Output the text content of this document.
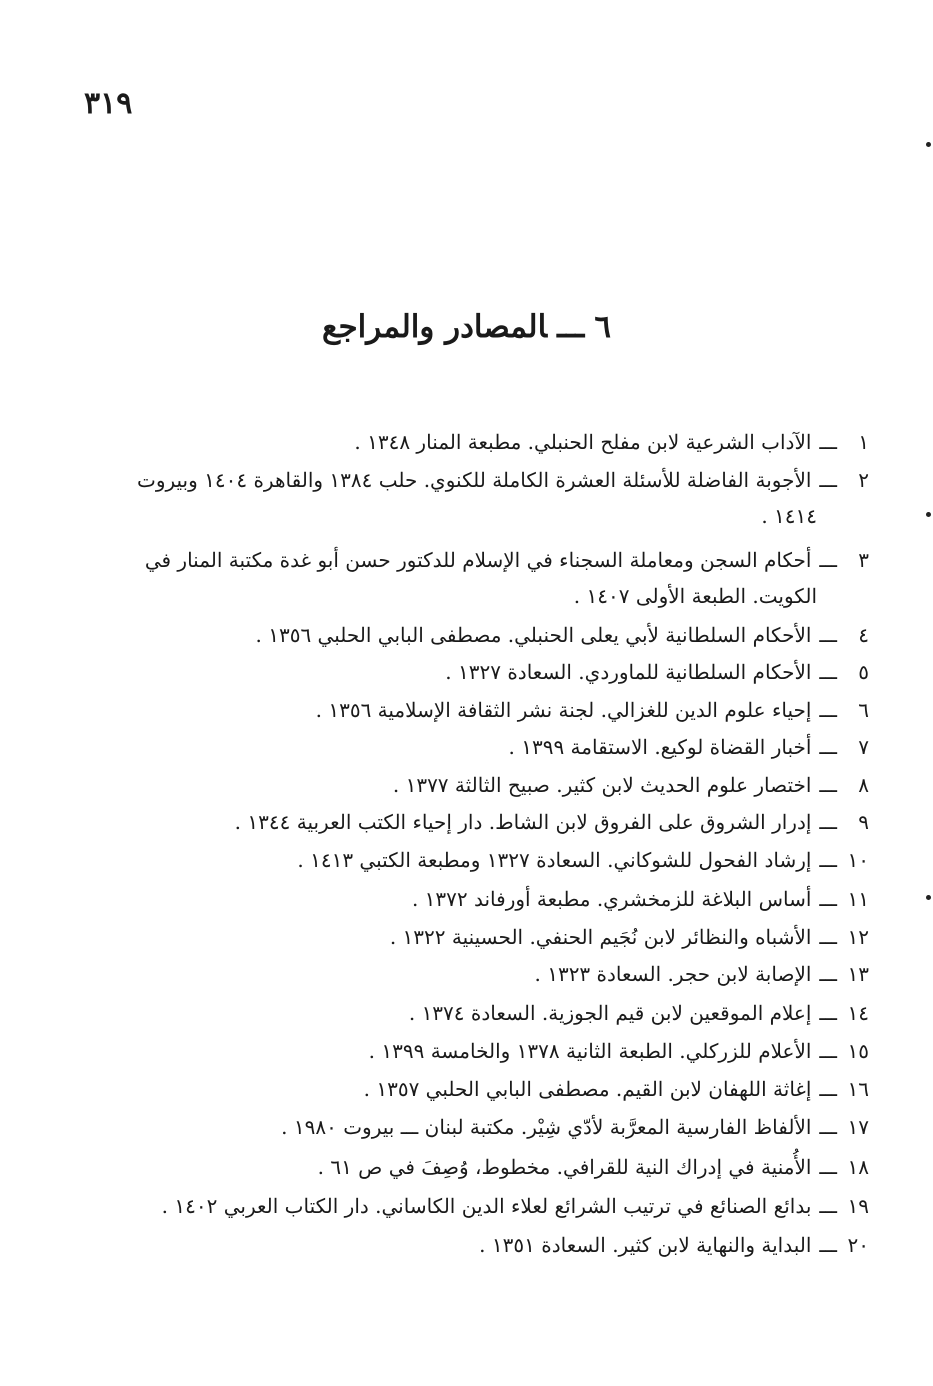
٣١٩
٦ـــالمصادر والمراجع
١ـــالآداب الشرعية لابن مفلح الحنبلي. مطبعة المنار ١٣٤٨ .
٢ـــالأجوبة الفاضلة للأسئلة العشرة الكاملة للكنوي. حلب ١٣٨٤ والقاهرة ١٤٠٤ وبيروت
١٤١٤ .
٣ـــأحكام السجن ومعاملة السجناء في الإسلام للدكتور حسن أبو غدة مكتبة المنار في
الكويت. الطبعة الأولى ١٤٠٧ .
٤ـــالأحكام السلطانية لأبي يعلى الحنبلي. مصطفى البابي الحلبي ١٣٥٦ .
٥ـــالأحكام السلطانية للماوردي. السعادة ١٣٢٧ .
٦ـــإحياء علوم الدين للغزالي. لجنة نشر الثقافة الإسلامية ١٣٥٦ .
٧ـــأخبار القضاة لوكيع. الاستقامة ١٣٩٩ .
٨ـــاختصار علوم الحديث لابن كثير. صبيح الثالثة ١٣٧٧ .
٩ـــإدرار الشروق على الفروق لابن الشاط. دار إحياء الكتب العربية ١٣٤٤ .
١٠ـــإرشاد الفحول للشوكاني. السعادة ١٣٢٧ ومطبعة الكتبي ١٤١٣ .
١١ـــأساس البلاغة للزمخشري. مطبعة أورفاند ١٣٧٢ .
١٢ـــالأشباه والنظائر لابن نُجَيم الحنفي. الحسينية ١٣٢٢ .
١٣ـــالإصابة لابن حجر. السعادة ١٣٢٣ .
١٤ـــإعلام الموقعين لابن قيم الجوزية. السعادة ١٣٧٤ .
١٥ـــالأعلام للزركلي. الطبعة الثانية ١٣٧٨ والخامسة ١٣٩٩ .
١٦ـــإغاثة اللهفان لابن القيم. مصطفى البابي الحلبي ١٣٥٧ .
١٧ـــالألفاظ الفارسية المعرَّبة لأدّي شِيْر. مكتبة لبنان ـــ بيروت ١٩٨٠ .
١٨ـــالأُمنية في إدراك النية للقرافي. مخطوط، وُصِفَ في ص ٦١ .
١٩ـــبدائع الصنائع في ترتيب الشرائع لعلاء الدين الكاساني. دار الكتاب العربي ١٤٠٢ .
٢٠ـــالبداية والنهاية لابن كثير. السعادة ١٣٥١ .
